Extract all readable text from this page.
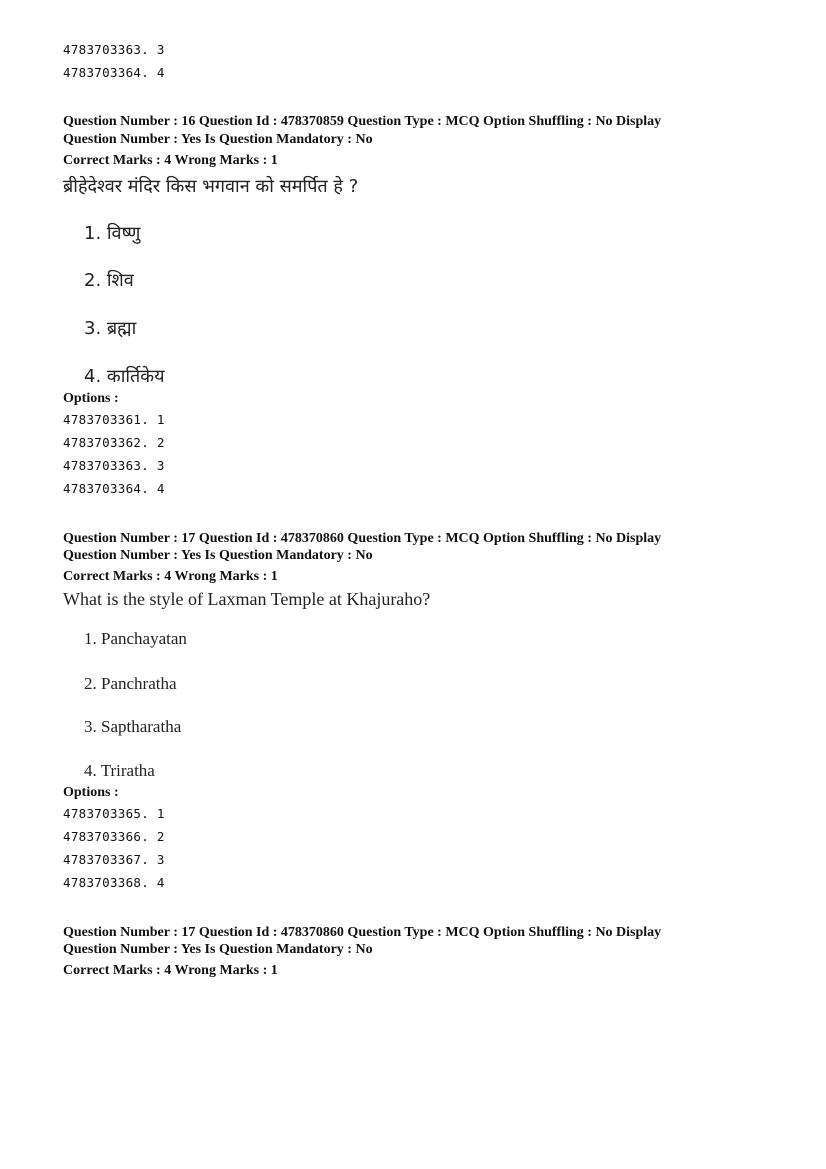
4783703363. 3
4783703364. 4
Question Number : 16 Question Id : 478370859 Question Type : MCQ Option Shuffling : No Display
Question Number : Yes Is Question Mandatory : No
Correct Marks : 4 Wrong Marks : 1
ब्रीहेदेश्वर मंदिर किस भगवान को समर्पित हे ?
1. विष्णु
2. शिव
3. ब्रह्मा
4. कार्तिकेय
Options :
4783703361. 1
4783703362. 2
4783703363. 3
4783703364. 4
Question Number : 17 Question Id : 478370860 Question Type : MCQ Option Shuffling : No Display
Question Number : Yes Is Question Mandatory : No
Correct Marks : 4 Wrong Marks : 1
What is the style of Laxman Temple at Khajuraho?
1. Panchayatan
2. Panchratha
3. Saptharatha
4. Triratha
Options :
4783703365. 1
4783703366. 2
4783703367. 3
4783703368. 4
Question Number : 17 Question Id : 478370860 Question Type : MCQ Option Shuffling : No Display
Question Number : Yes Is Question Mandatory : No
Correct Marks : 4 Wrong Marks : 1
